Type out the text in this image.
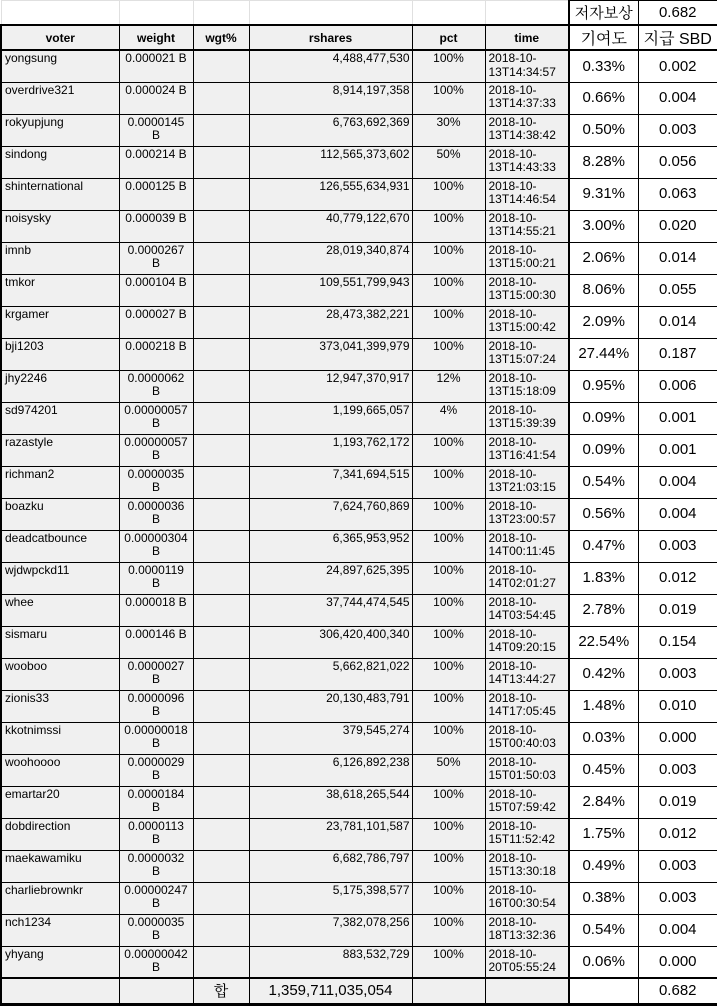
						저자보상	0.682
voter	weight	wgt%	rshares	pct	time	기여도	지급 SBD
yongsung	0.000021 B		4,488,477,530	100%	2018-10-13T14:34:57	0.33%	0.002
overdrive321	0.000024 B		8,914,197,358	100%	2018-10-13T14:37:33	0.66%	0.004
rokyupjung	0.0000145 B		6,763,692,369	30%	2018-10-13T14:38:42	0.50%	0.003
sindong	0.000214 B		112,565,373,602	50%	2018-10-13T14:43:33	8.28%	0.056
shinternational	0.000125 B		126,555,634,931	100%	2018-10-13T14:46:54	9.31%	0.063
noisysky	0.000039 B		40,779,122,670	100%	2018-10-13T14:55:21	3.00%	0.020
imnb	0.0000267 B		28,019,340,874	100%	2018-10-13T15:00:21	2.06%	0.014
tmkor	0.000104 B		109,551,799,943	100%	2018-10-13T15:00:30	8.06%	0.055
krgamer	0.000027 B		28,473,382,221	100%	2018-10-13T15:00:42	2.09%	0.014
bji1203	0.000218 B		373,041,399,979	100%	2018-10-13T15:07:24	27.44%	0.187
jhy2246	0.0000062 B		12,947,370,917	12%	2018-10-13T15:18:09	0.95%	0.006
sd974201	0.00000057 B		1,199,665,057	4%	2018-10-13T15:39:39	0.09%	0.001
razastyle	0.00000057 B		1,193,762,172	100%	2018-10-13T16:41:54	0.09%	0.001
richman2	0.0000035 B		7,341,694,515	100%	2018-10-13T21:03:15	0.54%	0.004
boazku	0.0000036 B		7,624,760,869	100%	2018-10-13T23:00:57	0.56%	0.004
deadcatbounce	0.00000304 B		6,365,953,952	100%	2018-10-14T00:11:45	0.47%	0.003
wjdwpckd11	0.0000119 B		24,897,625,395	100%	2018-10-14T02:01:27	1.83%	0.012
whee	0.000018 B		37,744,474,545	100%	2018-10-14T03:54:45	2.78%	0.019
sismaru	0.000146 B		306,420,400,340	100%	2018-10-14T09:20:15	22.54%	0.154
wooboo	0.0000027 B		5,662,821,022	100%	2018-10-14T13:44:27	0.42%	0.003
zionis33	0.0000096 B		20,130,483,791	100%	2018-10-14T17:05:45	1.48%	0.010
kkotnimssi	0.00000018 B		379,545,274	100%	2018-10-15T00:40:03	0.03%	0.000
woohoooo	0.0000029 B		6,126,892,238	50%	2018-10-15T01:50:03	0.45%	0.003
emartar20	0.0000184 B		38,618,265,544	100%	2018-10-15T07:59:42	2.84%	0.019
dobdirection	0.0000113 B		23,781,101,587	100%	2018-10-15T11:52:42	1.75%	0.012
maekawamiku	0.0000032 B		6,682,786,797	100%	2018-10-15T13:30:18	0.49%	0.003
charliebrownkr	0.00000247 B		5,175,398,577	100%	2018-10-16T00:30:54	0.38%	0.003
nch1234	0.0000035 B		7,382,078,256	100%	2018-10-18T13:32:36	0.54%	0.004
yhyang	0.00000042 B		883,532,729	100%	2018-10-20T05:55:24	0.06%	0.000
		합	1,359,711,035,054				0.682
